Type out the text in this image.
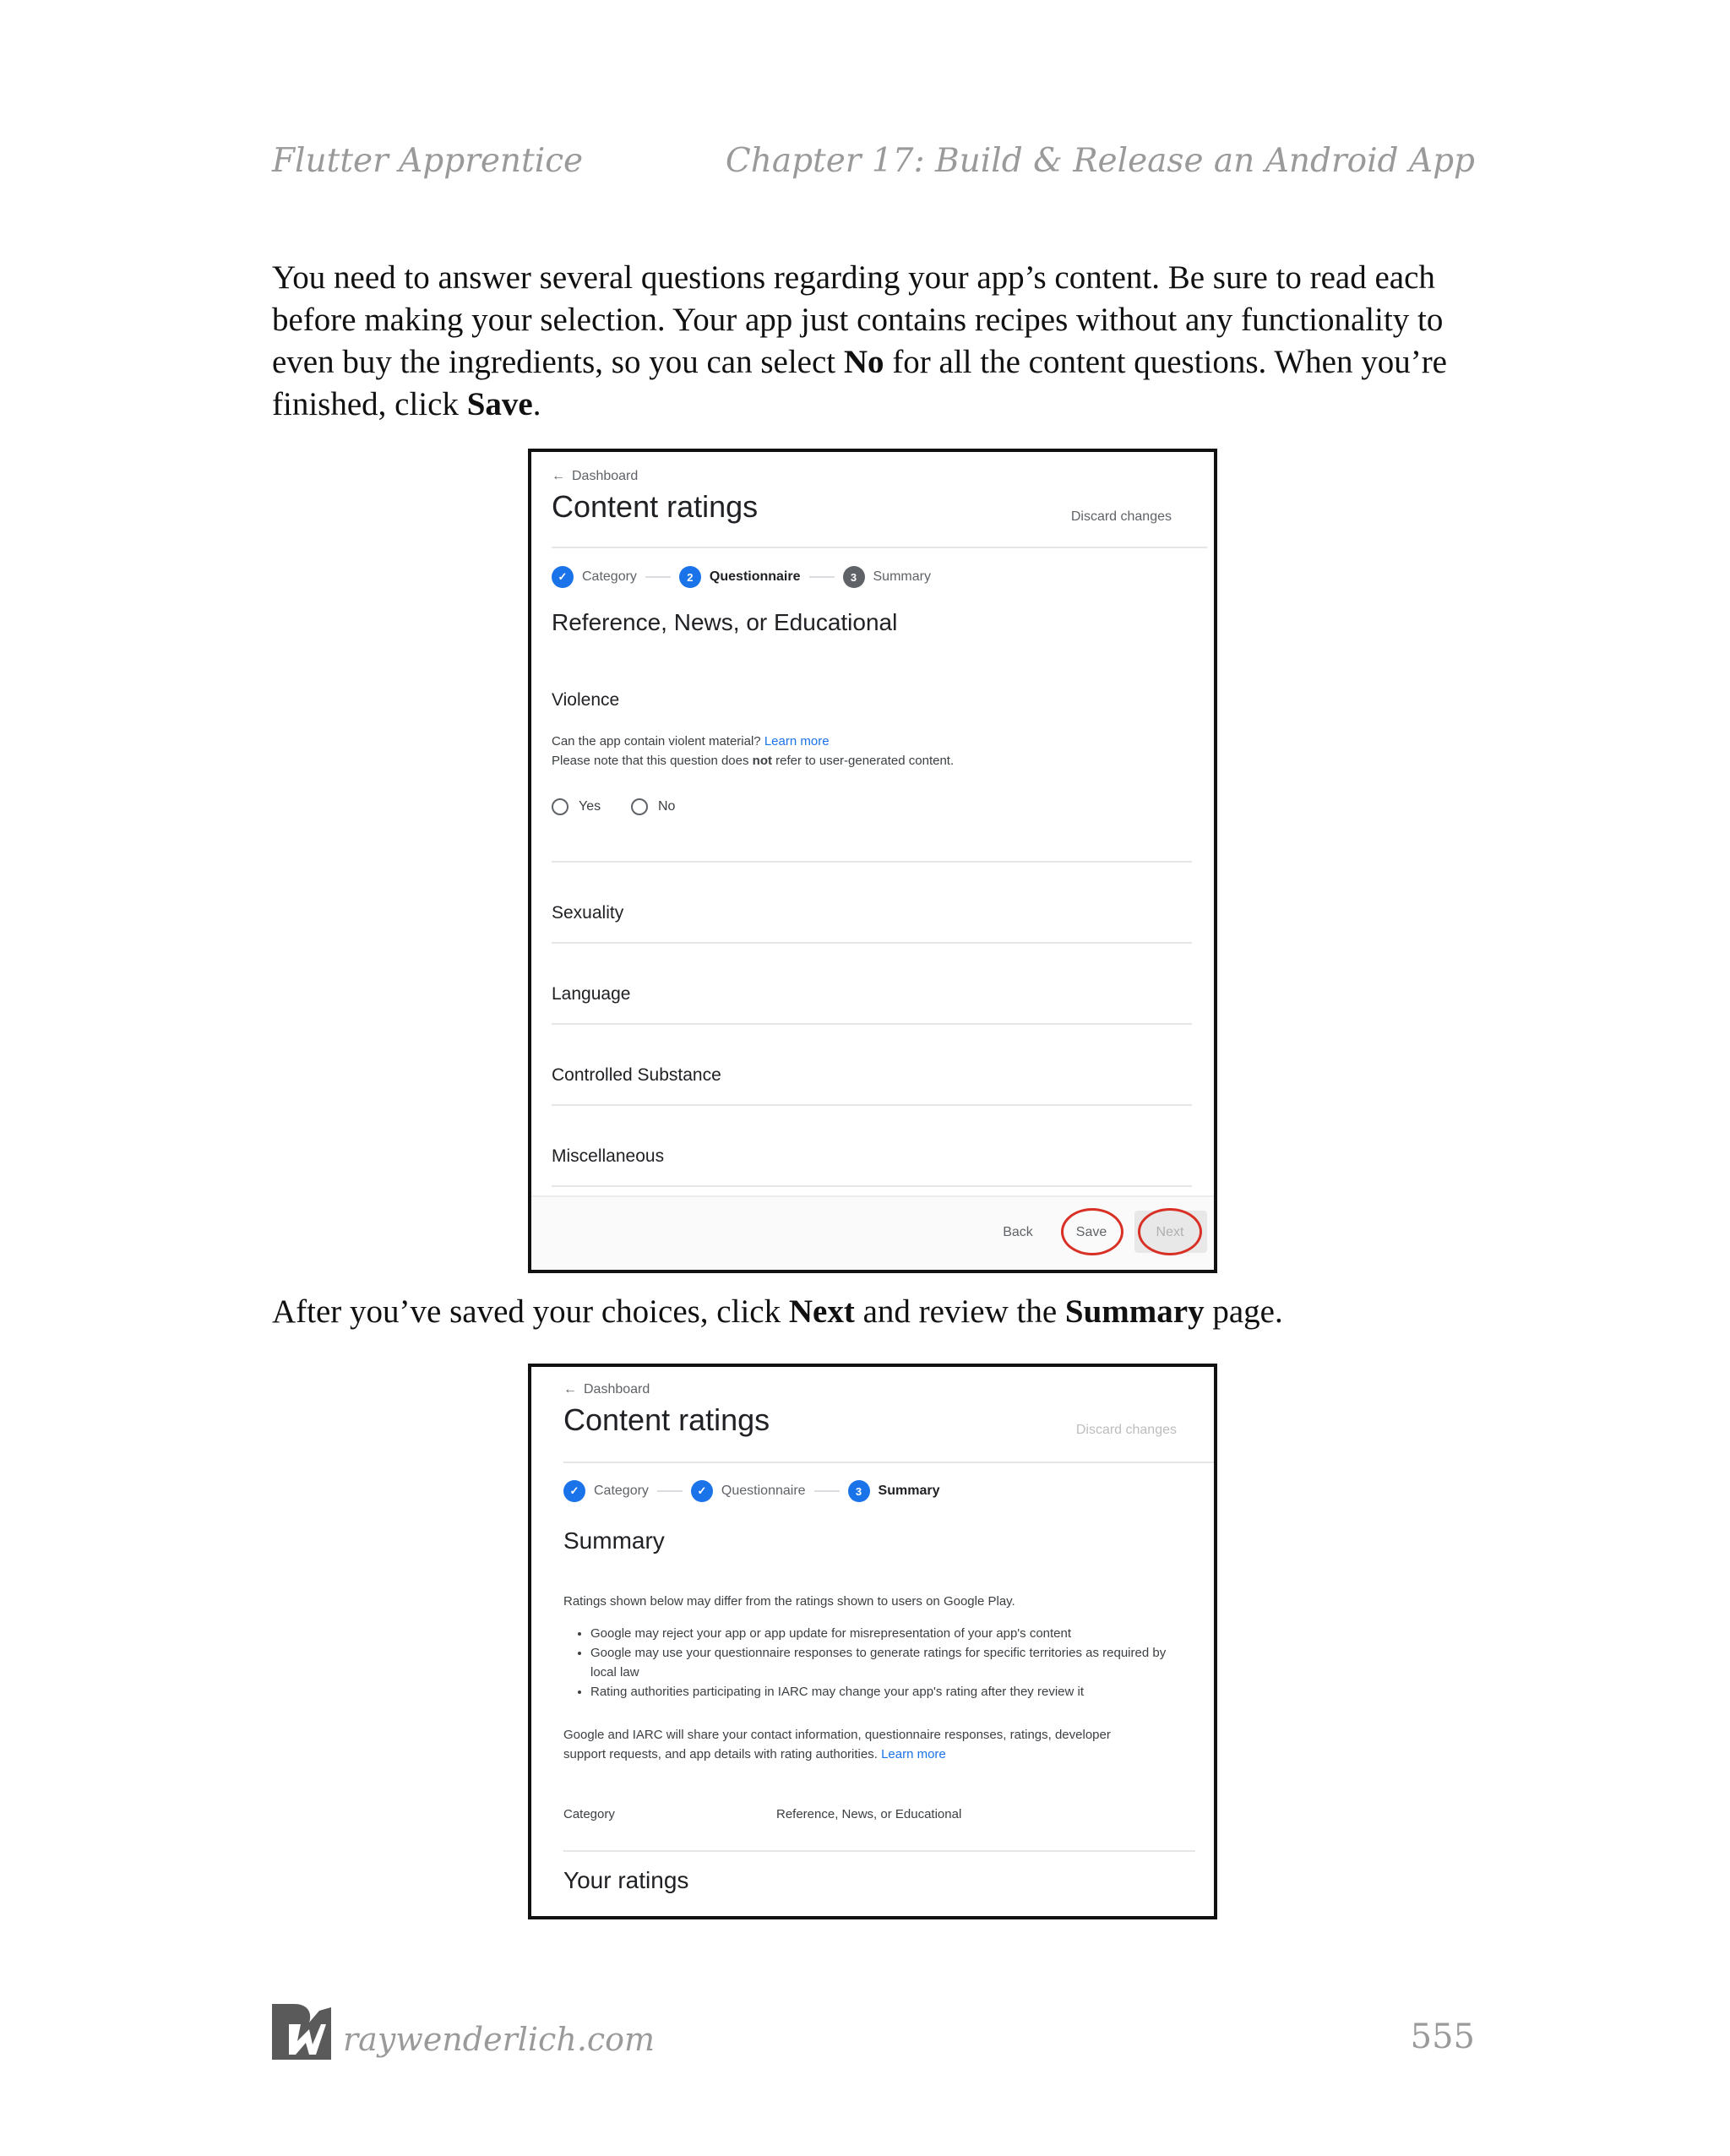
Flutter Apprentice	Chapter 17: Build & Release an Android App

You need to answer several questions regarding your app’s content. Be sure to read each before making your selection. Your app just contains recipes without any functionality to even buy the ingredients, so you can select No for all the content questions. When you’re finished, click Save.

← Dashboard
Content ratings	Discard changes
✓	Category	2	Questionnaire	3	Summary
Reference, News, or Educational
Violence
Can the app contain violent material? Learn more
Please note that this question does not refer to user-generated content.
Yes	No
Sexuality
Language
Controlled Substance
Miscellaneous
Back	Save	Next

After you’ve saved your choices, click Next and review the Summary page.

← Dashboard
Content ratings	Discard changes
✓	Category	✓	Questionnaire	3	Summary
Summary
Ratings shown below may differ from the ratings shown to users on Google Play.
• Google may reject your app or app update for misrepresentation of your app's content
• Google may use your questionnaire responses to generate ratings for specific territories as required by local law
• Rating authorities participating in IARC may change your app's rating after they review it
Google and IARC will share your contact information, questionnaire responses, ratings, developer support requests, and app details with rating authorities. Learn more
Category	Reference, News, or Educational
Your ratings
raywenderlich.com	555
